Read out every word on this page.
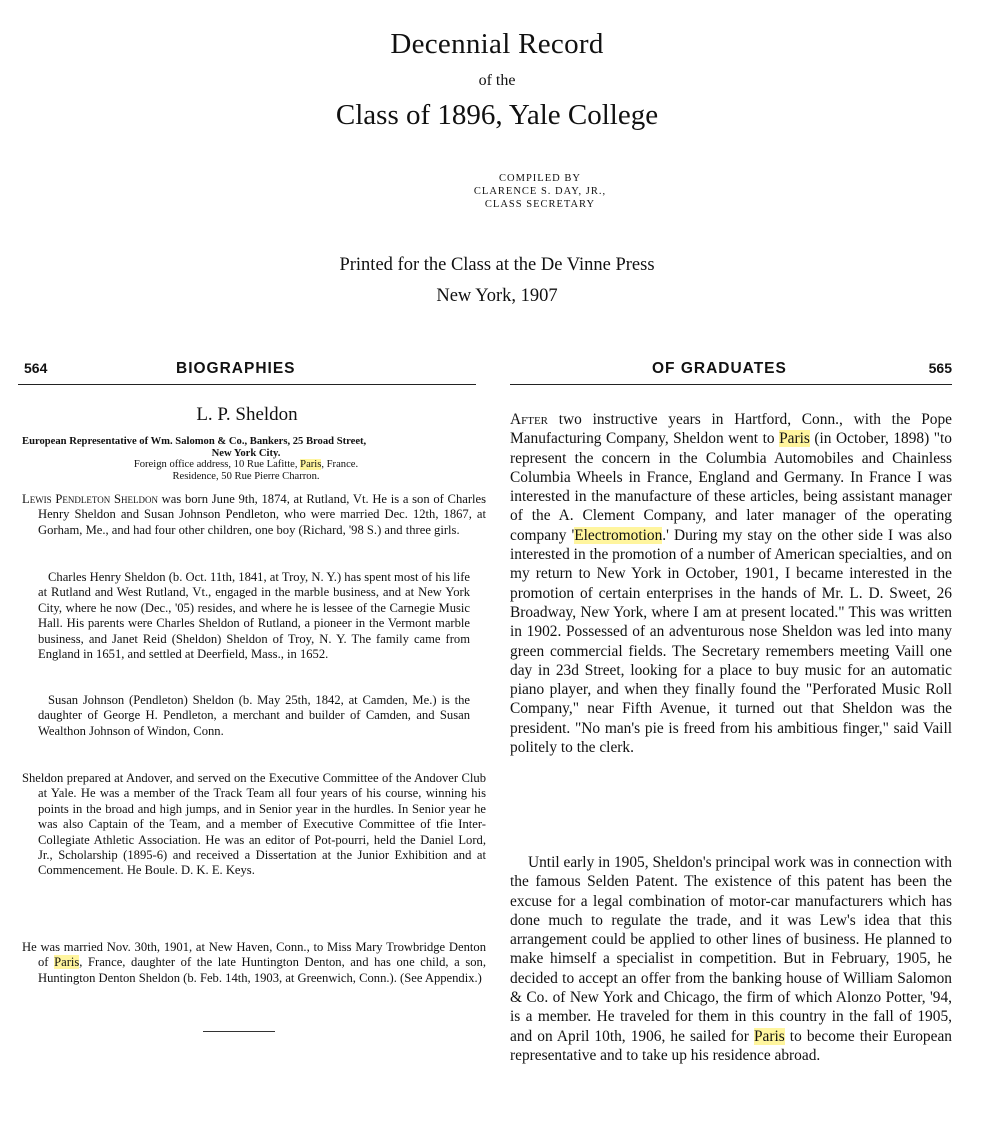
Decennial Record
of the
Class of 1896, Yale College
COMPILED BY
CLARENCE S. DAY, JR.,
CLASS SECRETARY
Printed for the Class at the De Vinne Press
New York, 1907
564	BIOGRAPHIES	OF GRADUATES	565
L. P. Sheldon
European Representative of Wm. Salomon & Co., Bankers, 25 Broad Street,
New York City.
Foreign office address, 10 Rue Lafitte, Paris, France.
Residence, 50 Rue Pierre Charron.
Lewis Pendleton Sheldon was born June 9th, 1874, at Rutland, Vt. He is a son of Charles Henry Sheldon and Susan Johnson Pendleton, who were married Dec. 12th, 1867, at Gorham, Me., and had four other children, one boy (Richard, '98 S.) and three girls.
Charles Henry Sheldon (b. Oct. 11th, 1841, at Troy, N. Y.) has spent most of his life at Rutland and West Rutland, Vt., engaged in the marble business, and at New York City, where he now (Dec., '05) resides, and where he is lessee of the Carnegie Music Hall. His parents were Charles Sheldon of Rutland, a pioneer in the Vermont marble business, and Janet Reid (Sheldon) Sheldon of Troy, N. Y. The family came from England in 1651, and settled at Deerfield, Mass., in 1652.
Susan Johnson (Pendleton) Sheldon (b. May 25th, 1842, at Camden, Me.) is the daughter of George H. Pendleton, a merchant and builder of Camden, and Susan Wealthon Johnson of Windon, Conn.
Sheldon prepared at Andover, and served on the Executive Committee of the Andover Club at Yale. He was a member of the Track Team all four years of his course, winning his points in the broad and high jumps, and in Senior year in the hurdles. In Senior year he was also Captain of the Team, and a member of Executive Committee of tfie Inter-Collegiate Athletic Association. He was an editor of Pot-pourri, held the Daniel Lord, Jr., Scholarship (1895-6) and received a Dissertation at the Junior Exhibition and at Commencement. He Boule. D. K. E. Keys.
He was married Nov. 30th, 1901, at New Haven, Conn., to Miss Mary Trowbridge Denton of Paris, France, daughter of the late Huntington Denton, and has one child, a son, Huntington Denton Sheldon (b. Feb. 14th, 1903, at Greenwich, Conn.). (See Appendix.)

After two instructive years in Hartford, Conn., with the Pope Manufacturing Company, Sheldon went to Paris (in October, 1898) "to represent the concern in the Columbia Automobiles and Chainless Columbia Wheels in France, England and Germany. In France I was interested in the manufacture of these articles, being assistant manager of the A. Clement Company, and later manager of the operating company 'Electromotion.' During my stay on the other side I was also interested in the promotion of a number of American specialties, and on my return to New York in October, 1901, I became interested in the promotion of certain enterprises in the hands of Mr. L. D. Sweet, 26 Broadway, New York, where I am at present located." This was written in 1902. Possessed of an adventurous nose Sheldon was led into many green commercial fields. The Secretary remembers meeting Vaill one day in 23d Street, looking for a place to buy music for an automatic piano player, and when they finally found the "Perforated Music Roll Company," near Fifth Avenue, it turned out that Sheldon was the president. "No man's pie is freed from his ambitious finger," said Vaill politely to the clerk.

Until early in 1905, Sheldon's principal work was in connection with the famous Selden Patent. The existence of this patent has been the excuse for a legal combination of motor-car manufacturers which has done much to regulate the trade, and it was Lew's idea that this arrangement could be applied to other lines of business. He planned to make himself a specialist in competition. But in February, 1905, he decided to accept an offer from the banking house of William Salomon & Co. of New York and Chicago, the firm of which Alonzo Potter, '94, is a member. He traveled for them in this country in the fall of 1905, and on April 10th, 1906, he sailed for Paris to become their European representative and to take up his residence abroad.
